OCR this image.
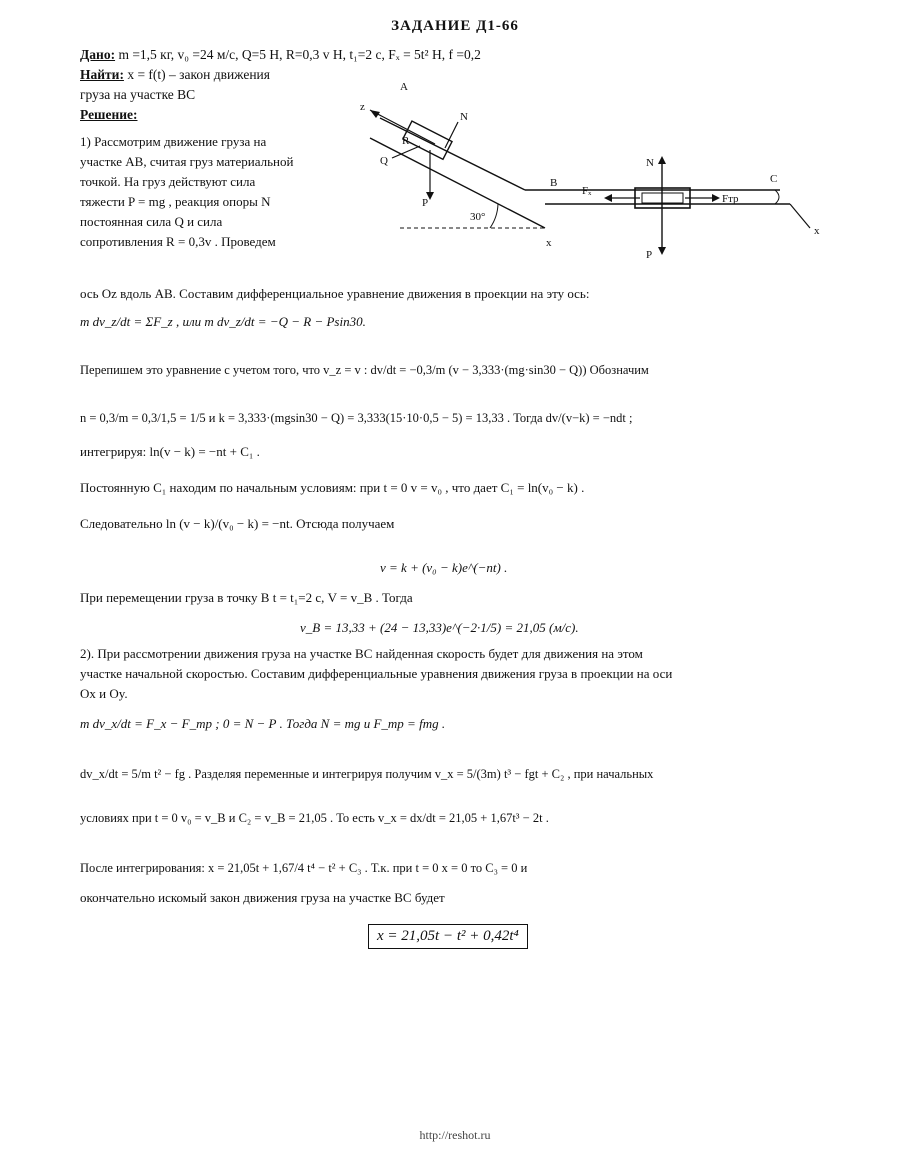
ЗАДАНИЕ Д1-66
Дано: m =1,5 кг, v₀ =24 м/с, Q=5 Н, R=0,3 v Н, t₁=2 с, Fₓ = 5t² Н, f =0,2
Найти: x = f(t) – закон движения
груза на участке ВС
Решение:
1) Рассмотрим движение груза на
участке АВ, считая груз материальной
точкой. На груз действуют сила
тяжести P = mg , реакция опоры N
постоянная сила Q и сила
сопротивления R = 0,3v . Проведем
ось Oz вдоль AB. Составим дифференциальное уравнение движения в проекции на эту ось:
A
B	C
x
z
N
Q
P
R
30°
Fₓ
Fтр
N
P
x
m dv_z/dt = ΣF_z , или m dv_z/dt = −Q − R − Psin30.
Перепишем это уравнение с учетом того, что v_z = v : dv/dt = −0,3/m (v − 3,333·(mg·sin30 − Q)) Обозначим
n = 0,3/m = 0,3/1,5 = 1/5 и k = 3,333·(mgsin30 − Q) = 3,333(15·10·0,5 − 5) = 13,33 . Тогда dv/(v−k) = −ndt ;
интегрируя: ln(v − k) = −nt + C₁ .
Постоянную C₁ находим по начальным условиям: при t = 0 v = v₀ , что дает C₁ = ln(v₀ − k) .
Следовательно ln (v − k)/(v₀ − k) = −nt. Отсюда получаем
v = k + (v₀ − k)e^(−nt) .
При перемещении груза в точку B t = t₁=2 с, V = v_B . Тогда
v_B = 13,33 + (24 − 13,33)e^(−2·1/5) = 21,05 (м/с).
2). При рассмотрении движения груза на участке ВС найденная скорость будет для движения на этом
участке начальной скоростью. Составим дифференциальные уравнения движения груза в проекции на оси
Ox и Oy.
m dv_x/dt = F_x − F_тр ; 0 = N − P . Тогда N = mg и F_тр = fmg .
dv_x/dt = 5/m t² − fg . Разделяя переменные и интегрируя получим v_x = 5/(3m) t³ − fgt + C₂ , при начальных
условиях при t = 0 v₀ = v_B и C₂ = v_B = 21,05 . То есть v_x = dx/dt = 21,05 + 1,67t³ − 2t .
После интегрирования: x = 21,05t + 1,67/4 t⁴ − t² + C₃ . Т.к. при t = 0 x = 0 то C₃ = 0 и
окончательно искомый закон движения груза на участке ВС будет
x = 21,05t − t² + 0,42t⁴
http://reshot.ru
